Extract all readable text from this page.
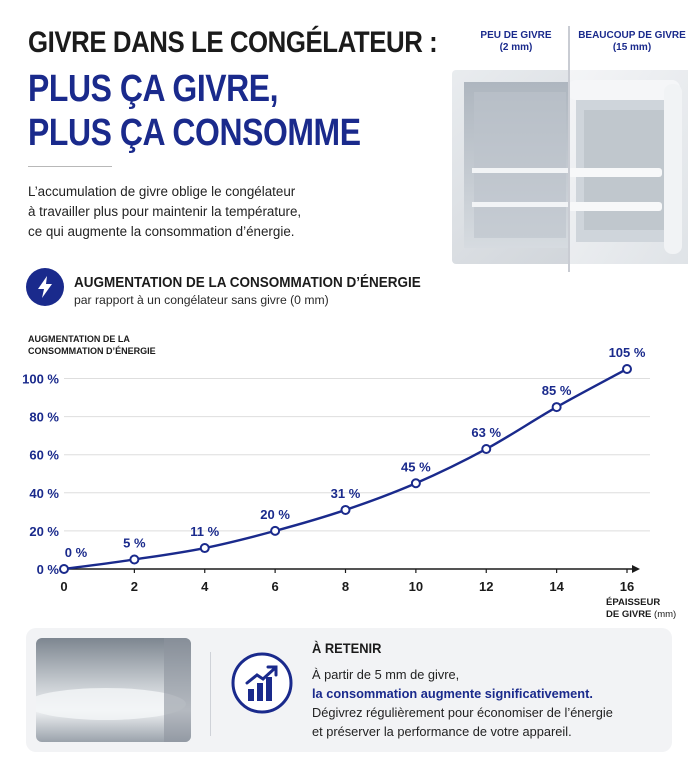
GIVRE DANS LE CONGÉLATEUR :
PLUS ÇA GIVRE,
PLUS ÇA CONSOMME
L’accumulation de givre oblige le congélateur
à travailler plus pour maintenir la température,
ce qui augmente la consommation d’énergie.
PEU DE GIVRE
(2 mm)
BEAUCOUP DE GIVRE
(15 mm)
AUGMENTATION DE LA CONSOMMATION D’ÉNERGIE
par rapport à un congélateur sans givre (0 mm)
AUGMENTATION DE LA
CONSOMMATION D’ÉNERGIE
ÉPAISSEUR
DE GIVRE (mm)
0 %
20 %
40 %
60 %
80 %
100 %
0	2	4	6	8	10	12	14	16
0 %
5 %
11 %
20 %
31 %
45 %
63 %
85 %
105 %
À RETENIR
À partir de 5 mm de givre,
la consommation augmente significativement.
Dégivrez régulièrement pour économiser de l’énergie
et préserver la performance de votre appareil.
